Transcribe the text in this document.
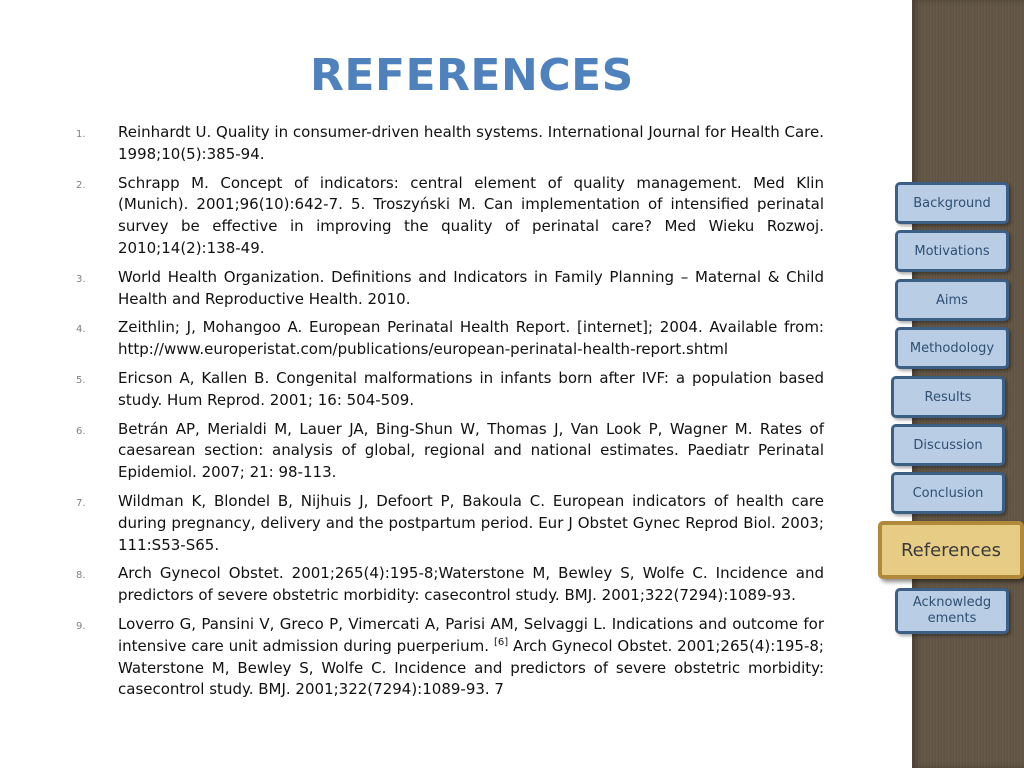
REFERENCES
1. Reinhardt U. Quality in consumer-driven health systems. International Journal for Health Care. 1998;10(5):385-94.
2. Schrapp M. Concept of indicators: central element of quality management. Med Klin (Munich). 2001;96(10):642-7. 5. Troszyński M. Can implementation of intensified perinatal survey be effective in improving the quality of perinatal care? Med Wieku Rozwoj. 2010;14(2):138-49.
3. World Health Organization. Definitions and Indicators in Family Planning – Maternal & Child Health and Reproductive Health. 2010.
4. Zeithlin; J, Mohangoo A. European Perinatal Health Report. [internet]; 2004. Available from: http://www.europeristat.com/publications/european-perinatal-health-report.shtml
5. Ericson A, Kallen B. Congenital malformations in infants born after IVF: a population based study. Hum Reprod. 2001; 16: 504-509.
6. Betrán AP, Merialdi M, Lauer JA, Bing-Shun W, Thomas J, Van Look P, Wagner M. Rates of caesarean section: analysis of global, regional and national estimates. Paediatr Perinatal Epidemiol. 2007; 21: 98-113.
7. Wildman K, Blondel B, Nijhuis J, Defoort P, Bakoula C. European indicators of health care during pregnancy, delivery and the postpartum period. Eur J Obstet Gynec Reprod Biol. 2003; 111:S53-S65.
8. Arch Gynecol Obstet. 2001;265(4):195-8;Waterstone M, Bewley S, Wolfe C. Incidence and predictors of severe obstetric morbidity: casecontrol study. BMJ. 2001;322(7294):1089-93.
9. Loverro G, Pansini V, Greco P, Vimercati A, Parisi AM, Selvaggi L. Indications and outcome for intensive care unit admission during puerperium. [6] Arch Gynecol Obstet. 2001;265(4):195-8; Waterstone M, Bewley S, Wolfe C. Incidence and predictors of severe obstetric morbidity: casecontrol study. BMJ. 2001;322(7294):1089-93. 7
Background
Motivations
Aims
Methodology
Results
Discussion
Conclusion
References
Acknowledg ements
